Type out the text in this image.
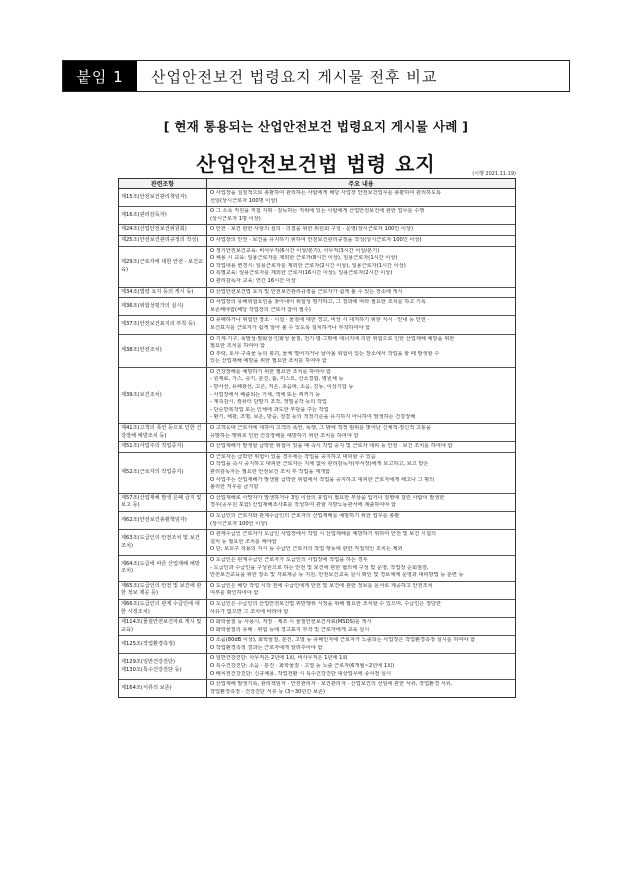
붙임 1	산업안전보건 법령요지 게시물 전후 비교
[ 현재 통용되는 산업안전보건 법령요지 게시물 사례 ]
산업안전보건법 법령 요지	(시행 2021.11.19)
관련조항	주요 내용
제15조(안전보건관리책임자)
O 사업장을 실질적으로 총괄하여 관리하는 사람에게 해당 사업장 안전보건업무를 총괄하여 관리하도록
선임(상시근로자 100명 이상)
제16조(관리감독자)
O 그 소속 직원을 직접 지휘 · 감독하는 직위에 있는 사람에게 산업안전보건에 관한 업무를 수행
(상시근로자 1명 이상)
제24조(산업안전보건위원회)	O 안전 · 보건 관한 사항의 심의 · 의결을 위한 위원회 구성 · 운영(상시근로자 100인 이상)
제25조(안전보건관리규정의 작성)	O 사업장의 안전 · 보건을 유지하기 위하여 안전보건관리규정을 작성(상시근로자 100인 이상)
제29조(근로자에 대한 안전 · 보건교육)
O 정기안전보건교육: 비사무직(6시간 이상/분기), 사무직(3시간 이상/분기)
O 채용 시 교육: 일용근로자를 제외한 근로자(8시간 이상), 일용근로자(1시간 이상)
O 작업내용 변경시: 일용근로자를 제외한 근로자(2시간 이상), 일용근로자(1시간 이상)
O 특별교육: 일용근로자를 제외한 근로자(16시간 이상), 일용근로자(2시간 이상)
O 관리감독자 교육: 연간 16시간 이상
제34조(법령 요지 등의 게시 등)	O 산업안전보건법 요지 및 안전보건관리규정을 근로자가 쉽게 볼 수 있는 장소에 게시
제36조(위험성평가의 실시)
O 사업장의 유해위험요인을 찾아내어 위험성 평가하고, 그 결과에 따라 필요한 조치를 하고 기록
보존해야함(해당 작업장의 근로자 참여 필수)
제37조(안전보건표지의 부착 등)
O 유해하거나 위험한 장소 · 시설 · 물질에 대한 경고, 비상 시 대처하기 위한 지시 · 안내 등 안전 ·
보건표지를 근로자가 쉽게 알아 볼 수 있도록 설치하거나 부착하여야 함
제38조(안전조치)
O 기계·기구, 폭발성·발화성·인화성 물질, 전기·열·그밖에 에너지에 의한 위험으로 인한 산업재해 예방을 위한
필요한 조치를 하여야 함
O 추락, 토사·구축물 등의 붕괴, 물체 떨어지거나 날아올 위험이 있는 장소에서 작업을 할 때 발생할 수
있는 산업재해 예방을 위한 필요한 조치를 하여야 함
제39조(보건조치)
O 건강장해를 예방하기 위한 필요한 조치를 하여야 함
- 원재료, 가스, 증기, 분진, 흄, 미스트, 산소결핍, 병원체 등
- 방사선, 유해광선, 고온, 저온, 초음파, 소음, 진동, 이상기압 등
- 사업장에서 배출되는 기체, 액체 또는 찌꺼기 등
- 계측감시, 컴퓨터 단말기 조작, 정밀공작 등의 작업
- 단순반복작업 또는 인체에 과도한 부담을 주는 작업
- 환기, 채광, 조명, 보온, 방습, 청결 등의 적정기준을 유지하지 아니하여 발생하는 건강장해
제41조(고객의 폭언 등으로 인한 건강장해 예방조치 등)
O 고객응대 근로자에 대하여 고객의 폭언, 폭행, 그 밖에 적정 범위를 벗어난 신체적·정신적 고통을
유발하는 행위로 인한 건강장해를 예방하기 위한 조치를 하여야 함
제51조(사업주의 작업중지)	O 산업재해가 발생할 급박한 위험이 있을 때 즉시 작업 중지 및 근로자 대피 등 안전 · 보건 조치를 하여야 함
제52조(근로자의 작업중지)
O 근로자는 급박한 위험이 있을 경우에는 작업을 중지하고 대피할 수 있음
O 작업을 즉시 중지하고 대피한 근로자는 지체 없이 관리감독자(부서장)에게 보고하고, 보고 받은
관리감독자는 필요한 안전보건 조치 후 작업을 재개함
O 사업주는 산업재해가 발생할 급박한 위험에서 작업을 중지하고 대피한 근로자에게 해고나 그 밖의
불리한 처우를 금지함
제57조(산업재해 발생 은폐 금지 및 보고 등)
O 산업재해로 사망자가 발생하거나 3일 이상의 휴업이 필요한 부상을 입거나 질병에 걸린 사람이 발생한
경우(공무원 포함) 산업재해조사표를 작성하여 관할 지방노동관서에 제출하여야 함
제62조(안전보건총괄책임자)
O 도급인의 근로자와 관계수급인의 근로자의 산업재해를 예방하기 위한 업무를 총괄
(상시근로자 100인 이상)
제63조(도급인의 안전조치 및 보건조치)
O 관계수급인 근로자가 도급인 사업장에서 작업 시 산업재해를 예방하기 위하여 안전 및 보건 시설의
설치 등 필요한 조치를 해야함
O 단, 보호구 착용의 지시 등 수급인 근로자의 작업 행동에 관한 직접적인 조치는 제외
제64조(도급에 따른 산업재해 예방조치)
O 도급인은 관계수급인 근로자가 도급인의 사업장에 작업을 하는 경우
- 도급인과 수급인을 구성원으로 하는 안전 및 보건에 관한 협의체 구성 및 운영, 작업장 순회점검,
안전보건교육을 위한 장소 및 자료제공 등 지원, 안전보건교육 실시 확인 및 경보체계 운영과 대피방법 등 훈련 등
제65조(도급인의 안전 및 보건에 관한 정보 제공 등)
O 도급인은 해당 작업 시작 전에 수급인에게 안전 및 보건에 관한 정보를 문서로 제공하고 안전조치
여부를 확인하여야 함
제66조(도급인의 관계 수급인에 대한 시정조치)
O 도급인은 수급인의 산업안전보건법 위반행위 시정을 위해 필요한 조치할 수 있으며, 수급인은 정당한
사유가 없으면 그 조치에 따라야 함
제114조(물질안전보건자료 게시 및 교육)
O 화학물질 등 사용시, 저장 · 제조 시 물질안전보건자료(MSDS)를 게시
O 화학물질의 유해 · 위험 등에 경고표지 부착 및 근로자에게 교육 실시
제125조(작업환경측정)
O 소음(80dB 이상), 화학물질, 분진, 고열 등 유해인자에 근로자가 노출되는 사업장은 작업환경측정 실시를 하여야 함
O 작업환경측정 결과는 근로자에게 알려주어야 함
제129조(일반건강진단)
제130조(특수건강진단 등)
O 일반건강진단: 사무직은 2년에 1회, 비사무직은 1년에 1회
O 특수건강진단: 소음 · 분진 · 화학물질 · 고열 등 노출 근로자(6개월~2년에 1회)
O 배치전건강진단: 신규채용, 작업전환 시 특수건강진단 대상업무에 종사전 실시
제164조(서류의 보존)
O 산업재해 발생기록, 관리책임자 · 안전관리자 · 보건관리자 · 산업보건의 선임에 관한 서류, 작업환경 서류,
작업환경측정 · 건강진단 서류 등 (3~30년간 보존)
